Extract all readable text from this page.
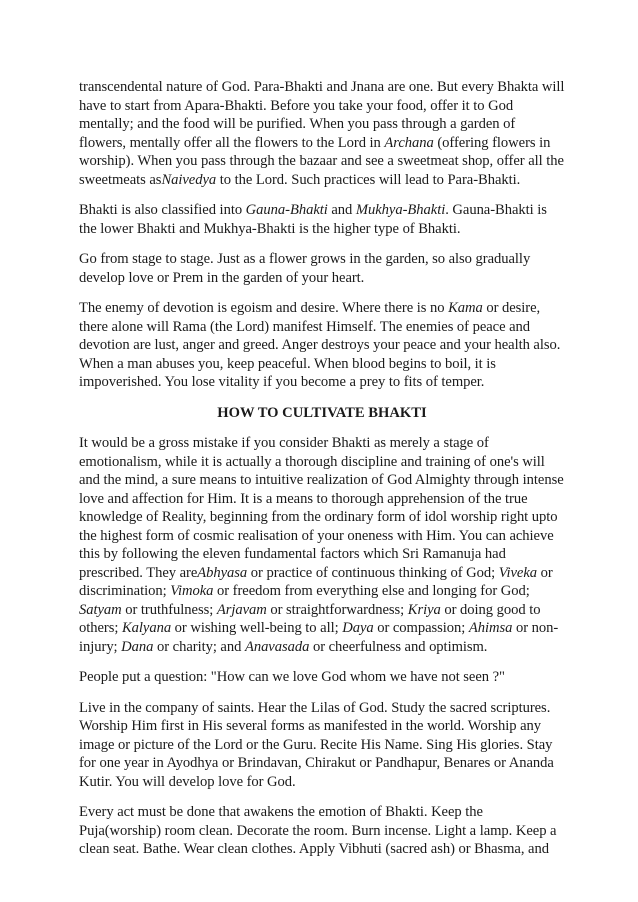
transcendental nature of God. Para-Bhakti and Jnana are one. But every Bhakta will have to start from Apara-Bhakti. Before you take your food, offer it to God mentally; and the food will be purified. When you pass through a garden of flowers, mentally offer all the flowers to the Lord in Archana (offering flowers in worship). When you pass through the bazaar and see a sweetmeat shop, offer all the sweetmeats asNaivedya to the Lord. Such practices will lead to Para-Bhakti.

Bhakti is also classified into Gauna-Bhakti and Mukhya-Bhakti. Gauna-Bhakti is the lower Bhakti and Mukhya-Bhakti is the higher type of Bhakti.

Go from stage to stage. Just as a flower grows in the garden, so also gradually develop love or Prem in the garden of your heart.

The enemy of devotion is egoism and desire. Where there is no Kama or desire, there alone will Rama (the Lord) manifest Himself. The enemies of peace and devotion are lust, anger and greed. Anger destroys your peace and your health also. When a man abuses you, keep peaceful. When blood begins to boil, it is impoverished. You lose vitality if you become a prey to fits of temper.

HOW TO CULTIVATE BHAKTI

It would be a gross mistake if you consider Bhakti as merely a stage of emotionalism, while it is actually a thorough discipline and training of one's will and the mind, a sure means to intuitive realization of God Almighty through intense love and affection for Him. It is a means to thorough apprehension of the true knowledge of Reality, beginning from the ordinary form of idol worship right upto the highest form of cosmic realisation of your oneness with Him. You can achieve this by following the eleven fundamental factors which Sri Ramanuja had prescribed. They areAbhyasa or practice of continuous thinking of God; Viveka or discrimination; Vimoka or freedom from everything else and longing for God; Satyam or truthfulness; Arjavam or straightforwardness; Kriya or doing good to others; Kalyana or wishing well-being to all; Daya or compassion; Ahimsa or non-injury; Dana or charity; and Anavasada or cheerfulness and optimism.

People put a question: "How can we love God whom we have not seen ?"

Live in the company of saints. Hear the Lilas of God. Study the sacred scriptures. Worship Him first in His several forms as manifested in the world. Worship any image or picture of the Lord or the Guru. Recite His Name. Sing His glories. Stay for one year in Ayodhya or Brindavan, Chirakut or Pandhapur, Benares or Ananda Kutir. You will develop love for God.

Every act must be done that awakens the emotion of Bhakti. Keep the Puja(worship) room clean. Decorate the room. Burn incense. Light a lamp. Keep a clean seat. Bathe. Wear clean clothes. Apply Vibhuti (sacred ash) or Bhasma, and
